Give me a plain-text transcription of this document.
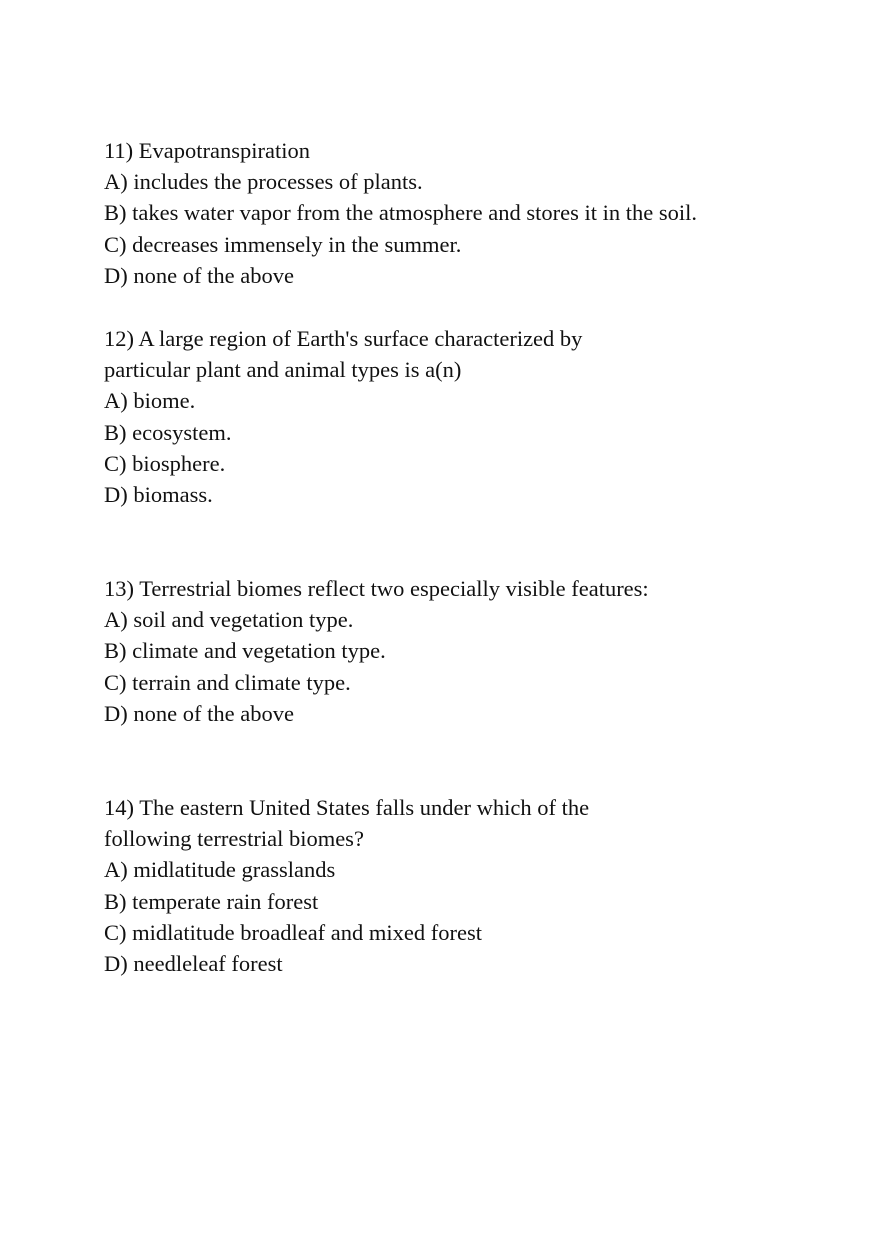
11) Evapotranspiration
A) includes the processes of plants.
B) takes water vapor from the atmosphere and stores it in the soil.
C) decreases immensely in the summer.
D) none of the above
12) A large region of Earth's surface characterized by
particular plant and animal types is a(n)
A) biome.
B) ecosystem.
C) biosphere.
D) biomass.
13) Terrestrial biomes reflect two especially visible features:
A) soil and vegetation type.
B) climate and vegetation type.
C) terrain and climate type.
D) none of the above
14) The eastern United States falls under which of the
following terrestrial biomes?
A) midlatitude grasslands
B) temperate rain forest
C) midlatitude broadleaf and mixed forest
D) needleleaf forest
